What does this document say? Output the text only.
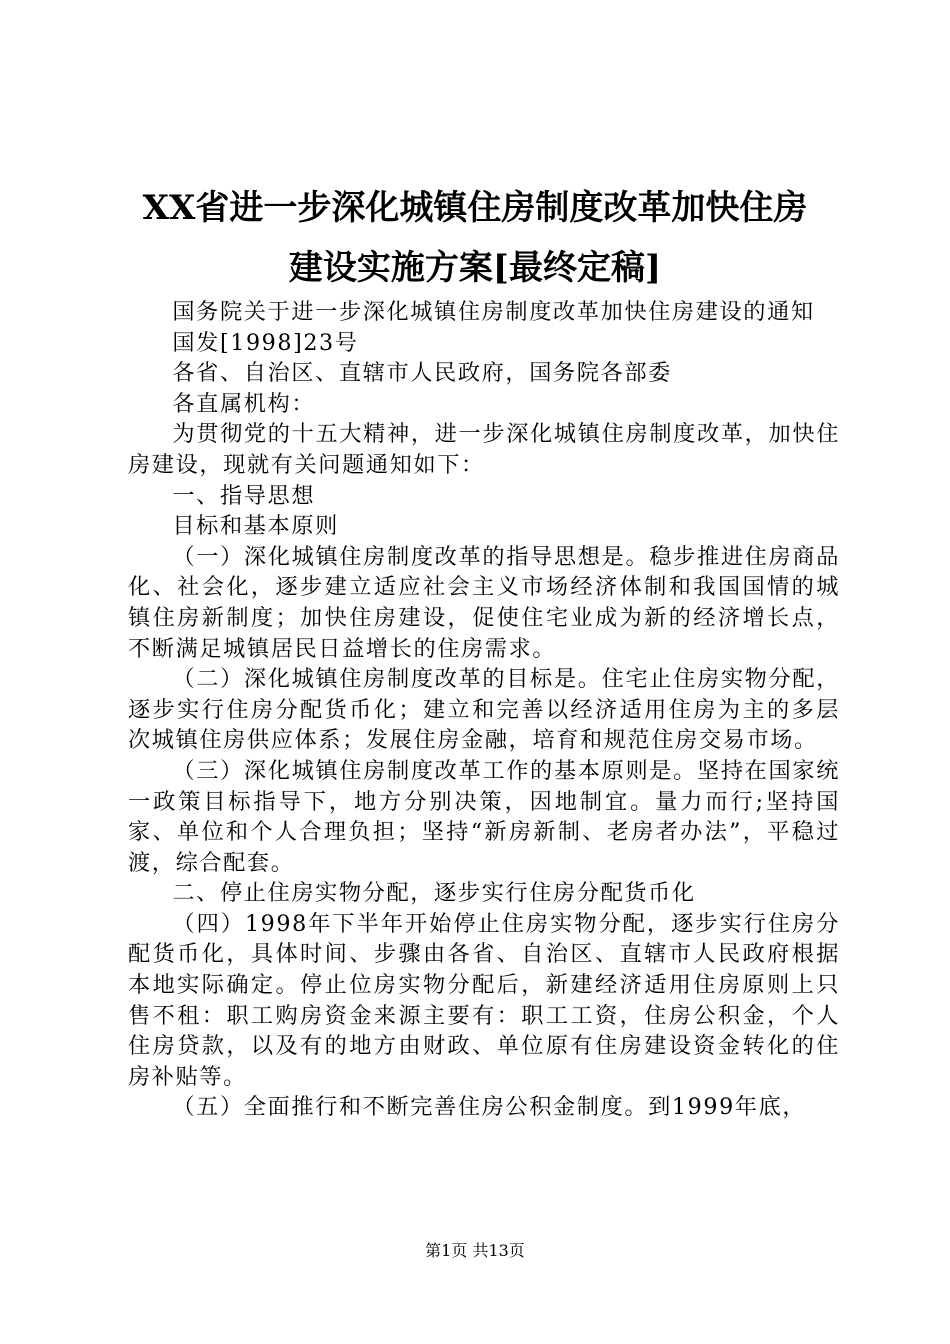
XX省进一步深化城镇住房制度改革加快住房
建设实施方案[最终定稿]

国务院关于进一步深化城镇住房制度改革加快住房建设的通知

国发[1998]23号

各省、自治区、直辖市人民政府，国务院各部委

各直属机构：

为贯彻党的十五大精神，进一步深化城镇住房制度改革，加快住房建设，现就有关问题通知如下：

一、指导思想

目标和基本原则

（一）深化城镇住房制度改革的指导思想是。稳步推进住房商品化、社会化，逐步建立适应社会主义市场经济体制和我国国情的城镇住房新制度；加快住房建设，促使住宅业成为新的经济增长点，不断满足城镇居民日益增长的住房需求。

（二）深化城镇住房制度改革的目标是。住宅止住房实物分配，逐步实行住房分配货币化；建立和完善以经济适用住房为主的多层次城镇住房供应体系；发展住房金融，培育和规范住房交易市场。

（三）深化城镇住房制度改革工作的基本原则是。坚持在国家统一政策目标指导下，地方分别决策，因地制宜。量力而行;坚持国家、单位和个人合理负担；坚持“新房新制、老房者办法”，平稳过渡，综合配套。

二、停止住房实物分配，逐步实行住房分配货币化

（四）1998年下半年开始停止住房实物分配，逐步实行住房分配货币化，具体时间、步骤由各省、自治区、直辖市人民政府根据本地实际确定。停止位房实物分配后，新建经济适用住房原则上只售不租：职工购房资金来源主要有：职工工资，住房公积金，个人住房贷款，以及有的地方由财政、单位原有住房建设资金转化的住房补贴等。

（五）全面推行和不断完善住房公积金制度。到1999年底，

第1页 共13页
